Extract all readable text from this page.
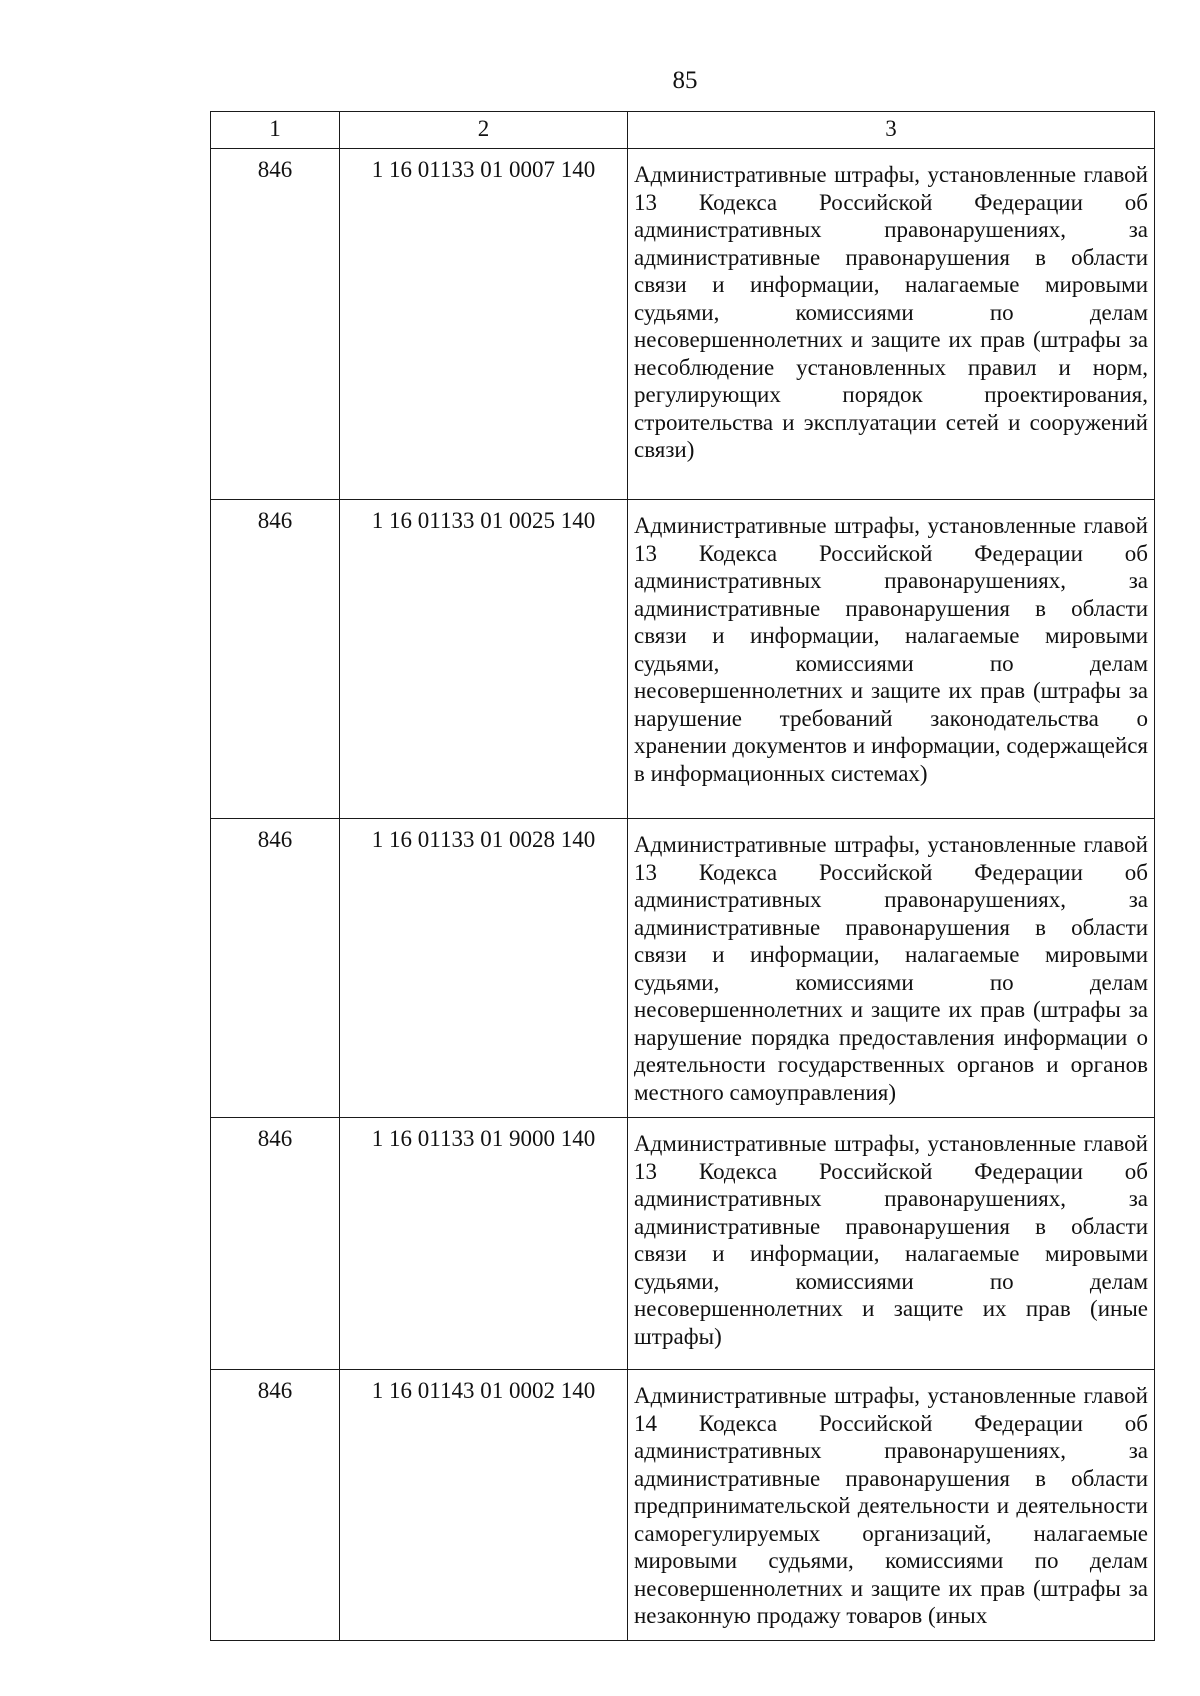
85
1	2	3
846	1 16 01133 01 0007 140	Административные штрафы, установленные главой 13 Кодекса Российской Федерации об административных правонарушениях, за административные правонарушения в области связи и информации, налагаемые мировыми судьями, комиссиями по делам несовершеннолетних и защите их прав (штрафы за несоблюдение установленных правил и норм, регулирующих порядок проектирования, строительства и эксплуатации сетей и сооружений связи)
846	1 16 01133 01 0025 140	Административные штрафы, установленные главой 13 Кодекса Российской Федерации об административных правонарушениях, за административные правонарушения в области связи и информации, налагаемые мировыми судьями, комиссиями по делам несовершеннолетних и защите их прав (штрафы за нарушение требований законодательства о хранении документов и информации, содержащейся в информационных системах)
846	1 16 01133 01 0028 140	Административные штрафы, установленные главой 13 Кодекса Российской Федерации об административных правонарушениях, за административные правонарушения в области связи и информации, налагаемые мировыми судьями, комиссиями по делам несовершеннолетних и защите их прав (штрафы за нарушение порядка предоставления информации о деятельности государственных органов и органов местного самоуправления)
846	1 16 01133 01 9000 140	Административные штрафы, установленные главой 13 Кодекса Российской Федерации об административных правонарушениях, за административные правонарушения в области связи и информации, налагаемые мировыми судьями, комиссиями по делам несовершеннолетних и защите их прав (иные штрафы)
846	1 16 01143 01 0002 140	Административные штрафы, установленные главой 14 Кодекса Российской Федерации об административных правонарушениях, за административные правонарушения в области предпринимательской деятельности и деятельности саморегулируемых организаций, налагаемые мировыми судьями, комиссиями по делам несовершеннолетних и защите их прав (штрафы за незаконную продажу товаров (иных
